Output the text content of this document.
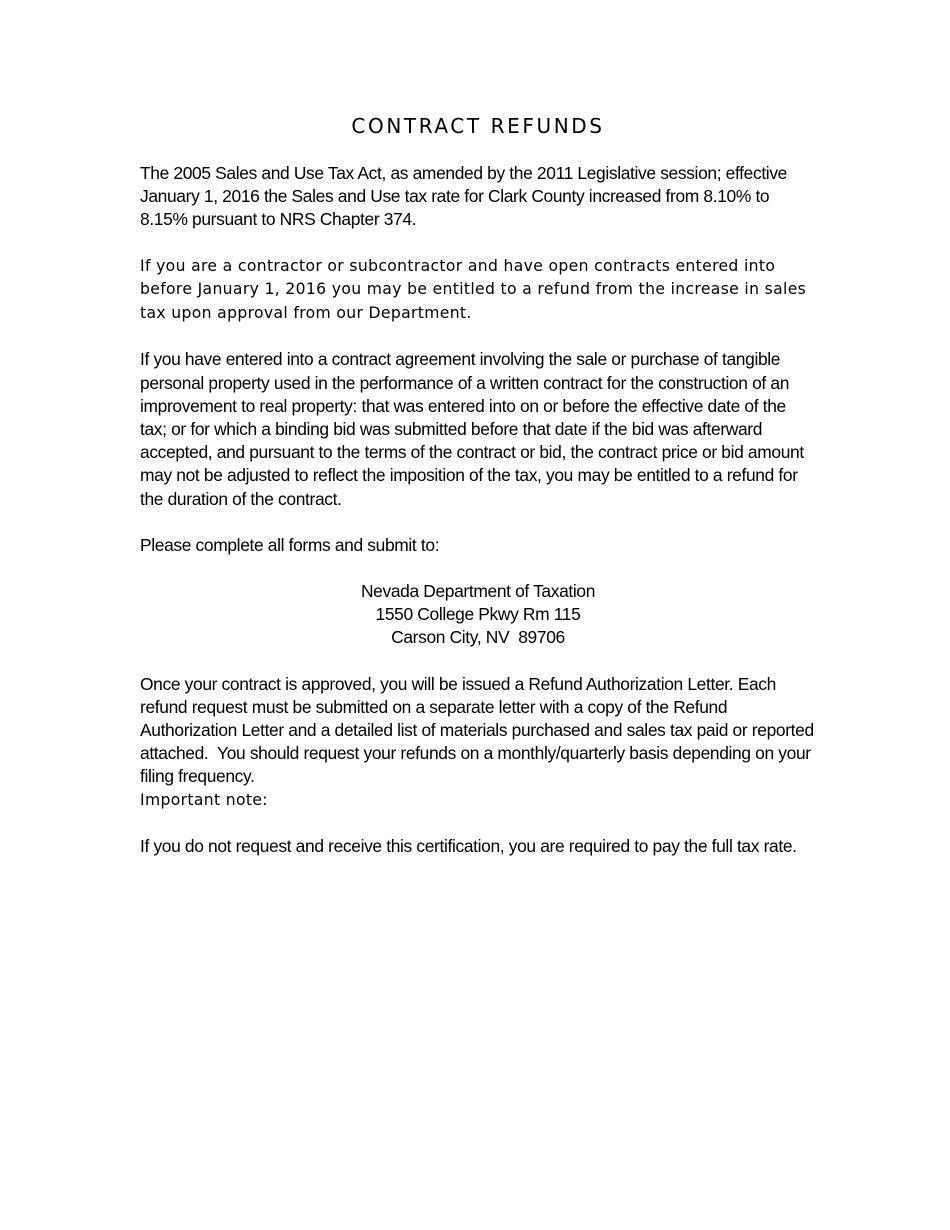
CONTRACT REFUNDS

The 2005 Sales and Use Tax Act, as amended by the 2011 Legislative session; effective January 1, 2016 the Sales and Use tax rate for Clark County increased from 8.10% to 8.15% pursuant to NRS Chapter 374.

If you are a contractor or subcontractor and have open contracts entered into before January 1, 2016 you may be entitled to a refund from the increase in sales tax upon approval from our Department.

If you have entered into a contract agreement involving the sale or purchase of tangible personal property used in the performance of a written contract for the construction of an improvement to real property: that was entered into on or before the effective date of the tax; or for which a binding bid was submitted before that date if the bid was afterward accepted, and pursuant to the terms of the contract or bid, the contract price or bid amount may not be adjusted to reflect the imposition of the tax, you may be entitled to a refund for the duration of the contract.

Please complete all forms and submit to:

Nevada Department of Taxation
1550 College Pkwy Rm 115
Carson City, NV  89706

Once your contract is approved, you will be issued a Refund Authorization Letter. Each refund request must be submitted on a separate letter with a copy of the Refund Authorization Letter and a detailed list of materials purchased and sales tax paid or reported attached.  You should request your refunds on a monthly/quarterly basis depending on your filing frequency.

Important note:

If you do not request and receive this certification, you are required to pay the full tax rate.
